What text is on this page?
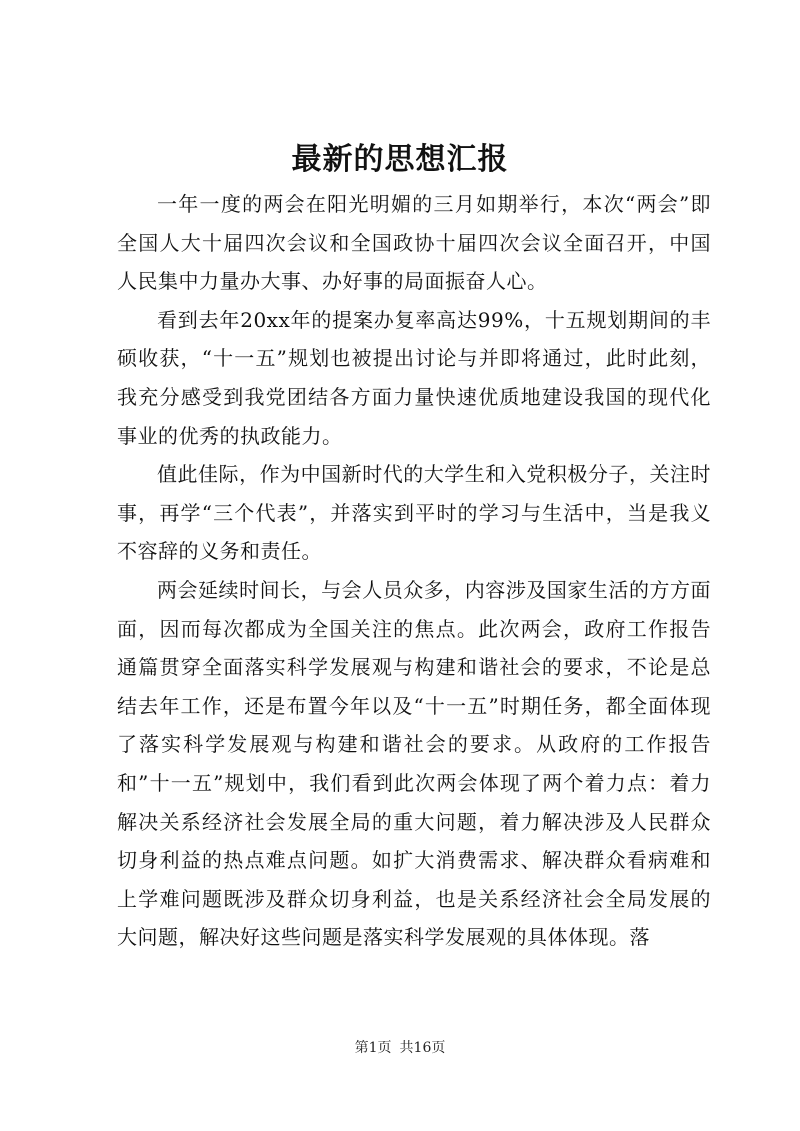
最新的思想汇报

一年一度的两会在阳光明媚的三月如期举行，本次“两会”即全国人大十届四次会议和全国政协十届四次会议全面召开，中国人民集中力量办大事、办好事的局面振奋人心。

看到去年20xx年的提案办复率高达99%，十五规划期间的丰硕收获，“十一五”规划也被提出讨论与并即将通过，此时此刻，我充分感受到我党团结各方面力量快速优质地建设我国的现代化事业的优秀的执政能力。

值此佳际，作为中国新时代的大学生和入党积极分子，关注时事，再学“三个代表”，并落实到平时的学习与生活中，当是我义不容辞的义务和责任。

两会延续时间长，与会人员众多，内容涉及国家生活的方方面面，因而每次都成为全国关注的焦点。此次两会，政府工作报告通篇贯穿全面落实科学发展观与构建和谐社会的要求，不论是总结去年工作，还是布置今年以及“十一五”时期任务，都全面体现了落实科学发展观与构建和谐社会的要求。从政府的工作报告和”十一五”规划中，我们看到此次两会体现了两个着力点：着力解决关系经济社会发展全局的重大问题，着力解决涉及人民群众切身利益的热点难点问题。如扩大消费需求、解决群众看病难和上学难问题既涉及群众切身利益，也是关系经济社会全局发展的大问题，解决好这些问题是落实科学发展观的具体体现。落

第1页 共16页
